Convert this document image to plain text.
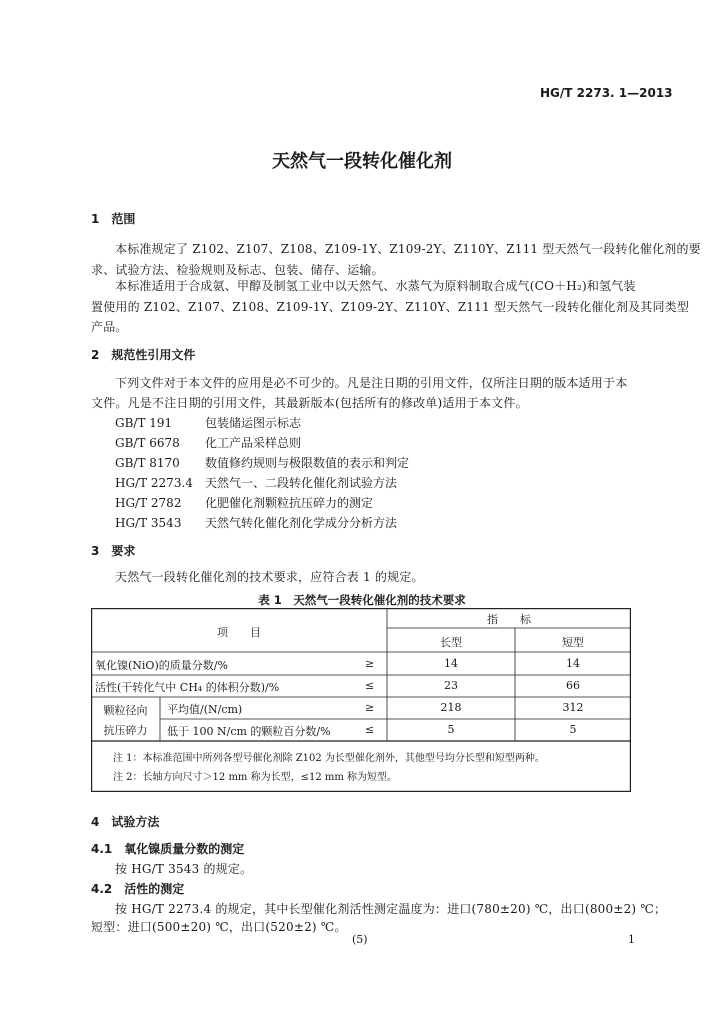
HG/T 2273. 1—2013
天然气一段转化催化剂
1　范围
本标准规定了 Z102、Z107、Z108、Z109-1Y、Z109-2Y、Z110Y、Z111 型天然气一段转化催化剂的要
求、试验方法、检验规则及标志、包装、储存、运输。
本标准适用于合成氨、甲醇及制氢工业中以天然气、水蒸气为原料制取合成气(CO＋H₂)和氢气装
置使用的 Z102、Z107、Z108、Z109-1Y、Z109-2Y、Z110Y、Z111 型天然气一段转化催化剂及其同类型
产品。
2　规范性引用文件
下列文件对于本文件的应用是必不可少的。凡是注日期的引用文件，仅所注日期的版本适用于本
文件。凡是不注日期的引用文件，其最新版本(包括所有的修改单)适用于本文件。
GB/T 191	包装储运图示标志
GB/T 6678 化工产品采样总则
GB/T 8170 数值修约规则与极限数值的表示和判定
HG/T 2273.4 天然气一、二段转化催化剂试验方法
HG/T 2782 化肥催化剂颗粒抗压碎力的测定
HG/T 3543 天然气转化催化剂化学成分分析方法
3　要求
天然气一段转化催化剂的技术要求，应符合表 1 的规定。
表 1　天然气一段转化催化剂的技术要求
项　　目
指　　标
长型	短型
氧化镍(NiO)的质量分数/%	≥	14	14
活性(干转化气中 CH₄ 的体积分数)/%	≤	23	66
颗粒径向
抗压碎力
平均值/(N/cm)	≥	218	312
低于 100 N/cm 的颗粒百分数/%	≤	5	5
注 1：本标准范围中所列各型号催化剂除 Z102 为长型催化剂外，其他型号均分长型和短型两种。
注 2：长轴方向尺寸＞12 mm 称为长型，≤12 mm 称为短型。
4　试验方法
4.1　氧化镍质量分数的测定
按 HG/T 3543 的规定。
4.2　活性的测定
按 HG/T 2273.4 的规定，其中长型催化剂活性测定温度为：进口(780±20) ℃，出口(800±2) ℃；
短型：进口(500±20) ℃，出口(520±2) ℃。
(5)	1
